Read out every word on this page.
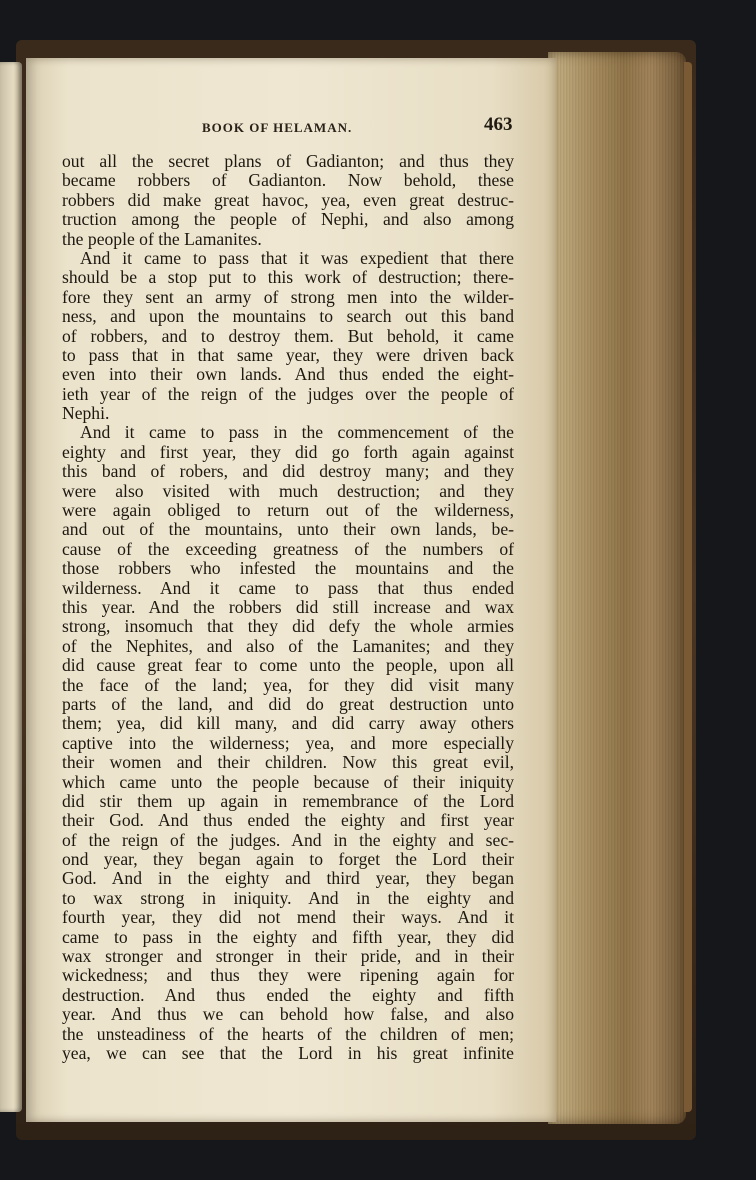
BOOK OF HELAMAN.	463
out all the secret plans of Gadianton; and thus they
became robbers of Gadianton. Now behold, these
robbers did make great havoc, yea, even great destruc-
truction among the people of Nephi, and also among
the people of the Lamanites.
And it came to pass that it was expedient that there
should be a stop put to this work of destruction; there-
fore they sent an army of strong men into the wilder-
ness, and upon the mountains to search out this band
of robbers, and to destroy them. But behold, it came
to pass that in that same year, they were driven back
even into their own lands. And thus ended the eight-
ieth year of the reign of the judges over the people of
Nephi.
And it came to pass in the commencement of the
eighty and first year, they did go forth again against
this band of robers, and did destroy many; and they
were also visited with much destruction; and they
were again obliged to return out of the wilderness,
and out of the mountains, unto their own lands, be-
cause of the exceeding greatness of the numbers of
those robbers who infested the mountains and the
wilderness. And it came to pass that thus ended
this year. And the robbers did still increase and wax
strong, insomuch that they did defy the whole armies
of the Nephites, and also of the Lamanites; and they
did cause great fear to come unto the people, upon all
the face of the land; yea, for they did visit many
parts of the land, and did do great destruction unto
them; yea, did kill many, and did carry away others
captive into the wilderness; yea, and more especially
their women and their children. Now this great evil,
which came unto the people because of their iniquity
did stir them up again in remembrance of the Lord
their God. And thus ended the eighty and first year
of the reign of the judges. And in the eighty and sec-
ond year, they began again to forget the Lord their
God. And in the eighty and third year, they began
to wax strong in iniquity. And in the eighty and
fourth year, they did not mend their ways. And it
came to pass in the eighty and fifth year, they did
wax stronger and stronger in their pride, and in their
wickedness; and thus they were ripening again for
destruction. And thus ended the eighty and fifth
year. And thus we can behold how false, and also
the unsteadiness of the hearts of the children of men;
yea, we can see that the Lord in his great infinite
